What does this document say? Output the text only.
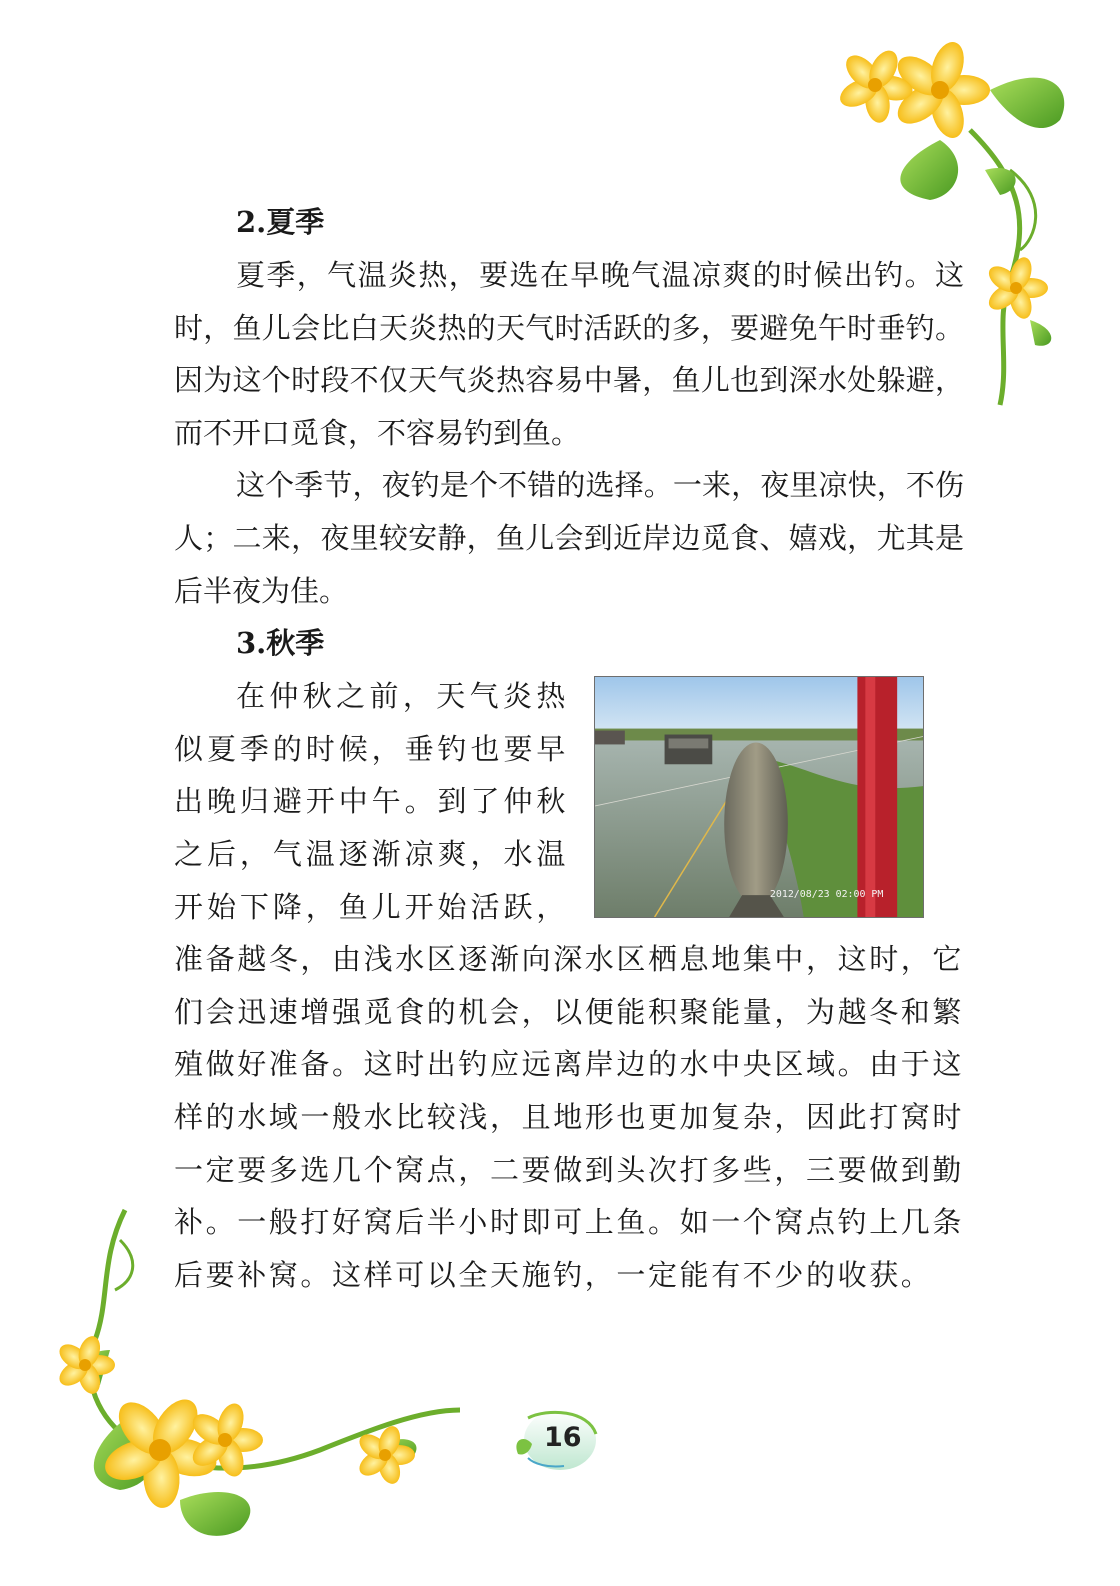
2.夏季

夏季，气温炎热，要选在早晚气温凉爽的时候出钓。这时，鱼儿会比白天炎热的天气时活跃的多，要避免午时垂钓。因为这个时段不仅天气炎热容易中暑，鱼儿也到深水处躲避，而不开口觅食，不容易钓到鱼。

这个季节，夜钓是个不错的选择。一来，夜里凉快，不伤人；二来，夜里较安静，鱼儿会到近岸边觅食、嬉戏，尤其是后半夜为佳。

3.秋季
2012/08/23 02:00 PM

在仲秋之前，天气炎热似夏季的时候，垂钓也要早出晚归避开中午。到了仲秋之后，气温逐渐凉爽，水温开始下降，鱼儿开始活跃，准备越冬，由浅水区逐渐向深水区栖息地集中，这时，它们会迅速增强觅食的机会，以便能积聚能量，为越冬和繁殖做好准备。这时出钓应远离岸边的水中央区域。由于这样的水域一般水比较浅，且地形也更加复杂，因此打窝时一定要多选几个窝点，二要做到头次打多些，三要做到勤补。一般打好窝后半小时即可上鱼。如一个窝点钓上几条后要补窝。这样可以全天施钓，一定能有不少的收获。

16
